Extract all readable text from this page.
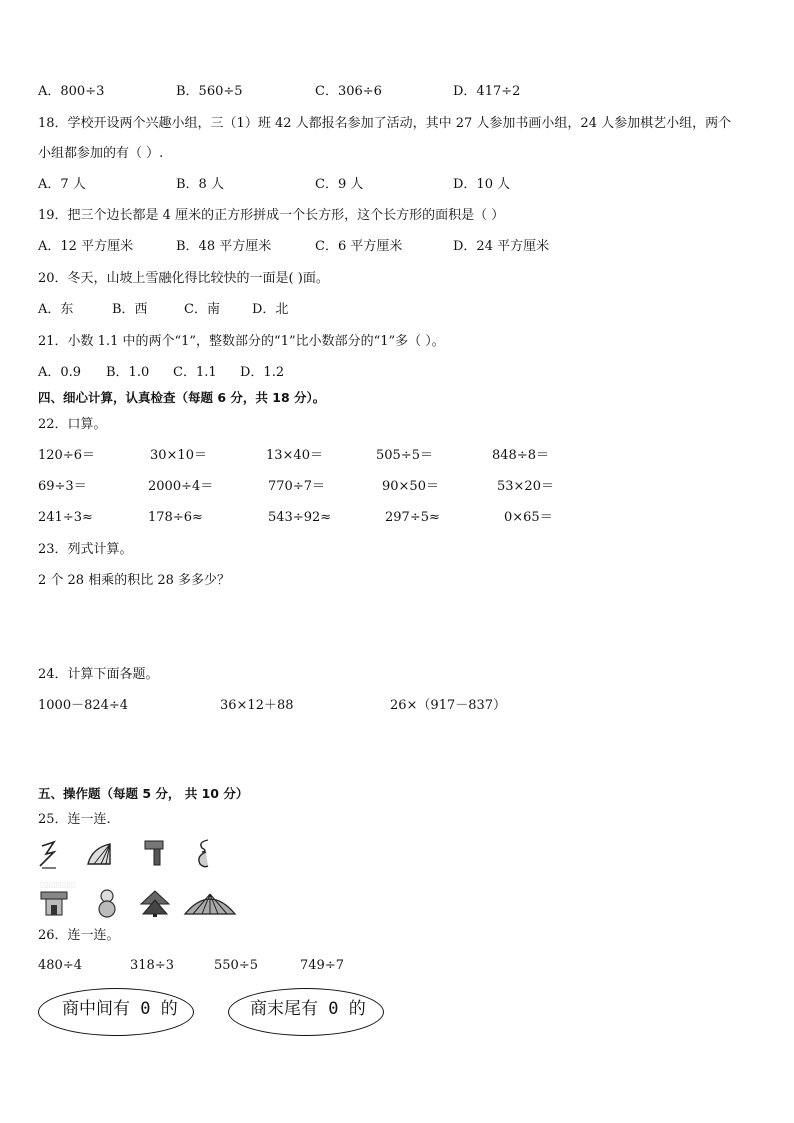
A．800÷3	B．560÷5	C．306÷6	D．417÷2
18．学校开设两个兴趣小组，三（1）班 42 人都报名参加了活动，其中 27 人参加书画小组，24 人参加棋艺小组，两个
小组都参加的有（ ）.
A．7 人	B．8 人	C．9 人	D．10 人
19．把三个边长都是 4 厘米的正方形拼成一个长方形，这个长方形的面积是（ ）
A．12 平方厘米	B．48 平方厘米	C．6 平方厘米	D．24 平方厘米
20．冬天，山坡上雪融化得比较快的一面是( )面。
A．东	B．西	C．南 D．北
21．小数 1.1 中的两个“1”，整数部分的“1”比小数部分的“1”多（ ）。
A．0.9 B．1.0 C．1.1 D．1.2
四、细心计算，认真检查（每题 6 分，共 18 分）。
22．口算。
120÷6＝	30×10＝	13×40＝	505÷5＝	848÷8＝
69÷3＝	2000÷4＝	770÷7＝	90×50＝	53×20＝
241÷3≈	178÷6≈	543÷92≈	297÷5≈	0×65＝
23．列式计算。
2 个 28 相乘的积比 28 多多少？
24．计算下面各题。
1000－824÷4	36×12＋88	26×（917－837）
五、操作题（每题 5 分， 共 10 分）
25．连一连.
▯▯▯▯▯▯▯▯
26．连一连。
480÷4	318÷3	550÷5	749÷7
商中间有 0 的	商末尾有 0 的
